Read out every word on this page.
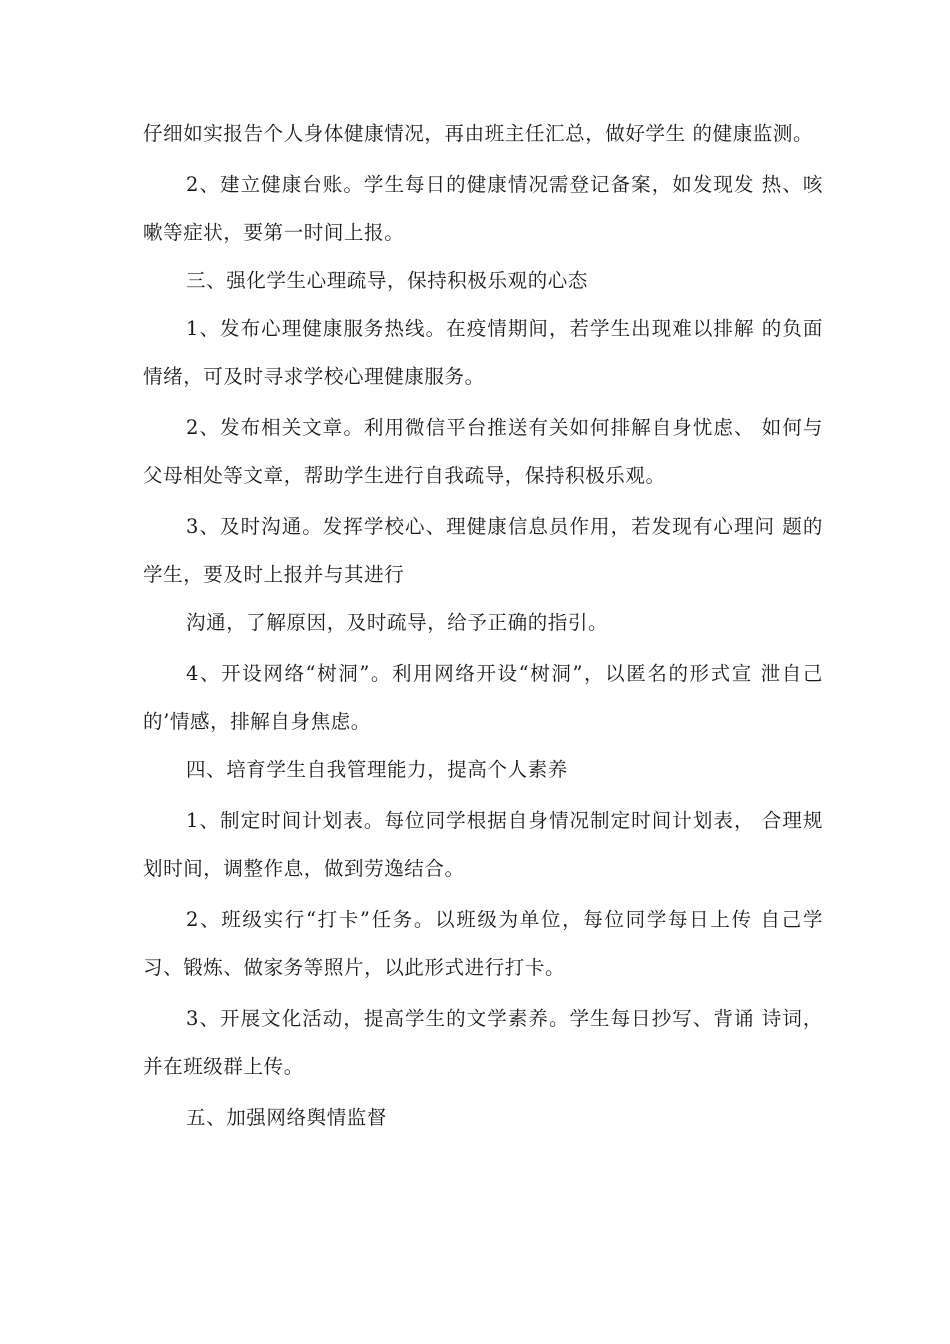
仔细如实报告个人身体健康情况，再由班主任汇总，做好学生 的健康监测。

2、建立健康台账。学生每日的健康情况需登记备案，如发现发 热、咳嗽等症状，要第一时间上报。

三、强化学生心理疏导，保持积极乐观的心态

1、发布心理健康服务热线。在疫情期间，若学生出现难以排解 的负面情绪，可及时寻求学校心理健康服务。

2、发布相关文章。利用微信平台推送有关如何排解自身忧虑、 如何与父母相处等文章，帮助学生进行自我疏导，保持积极乐观。

3、及时沟通。发挥学校心、理健康信息员作用，若发现有心理问 题的学生，要及时上报并与其进行

沟通，了解原因，及时疏导，给予正确的指引。

4、开设网络“树洞”。利用网络开设“树洞”，以匿名的形式宣 泄自己的’情感，排解自身焦虑。

四、培育学生自我管理能力，提高个人素养

1、制定时间计划表。每位同学根据自身情况制定时间计划表， 合理规划时间，调整作息，做到劳逸结合。

2、班级实行“打卡”任务。以班级为单位，每位同学每日上传 自己学习、锻炼、做家务等照片，以此形式进行打卡。

3、开展文化活动，提高学生的文学素养。学生每日抄写、背诵 诗词，并在班级群上传。

五、加强网络舆情监督
